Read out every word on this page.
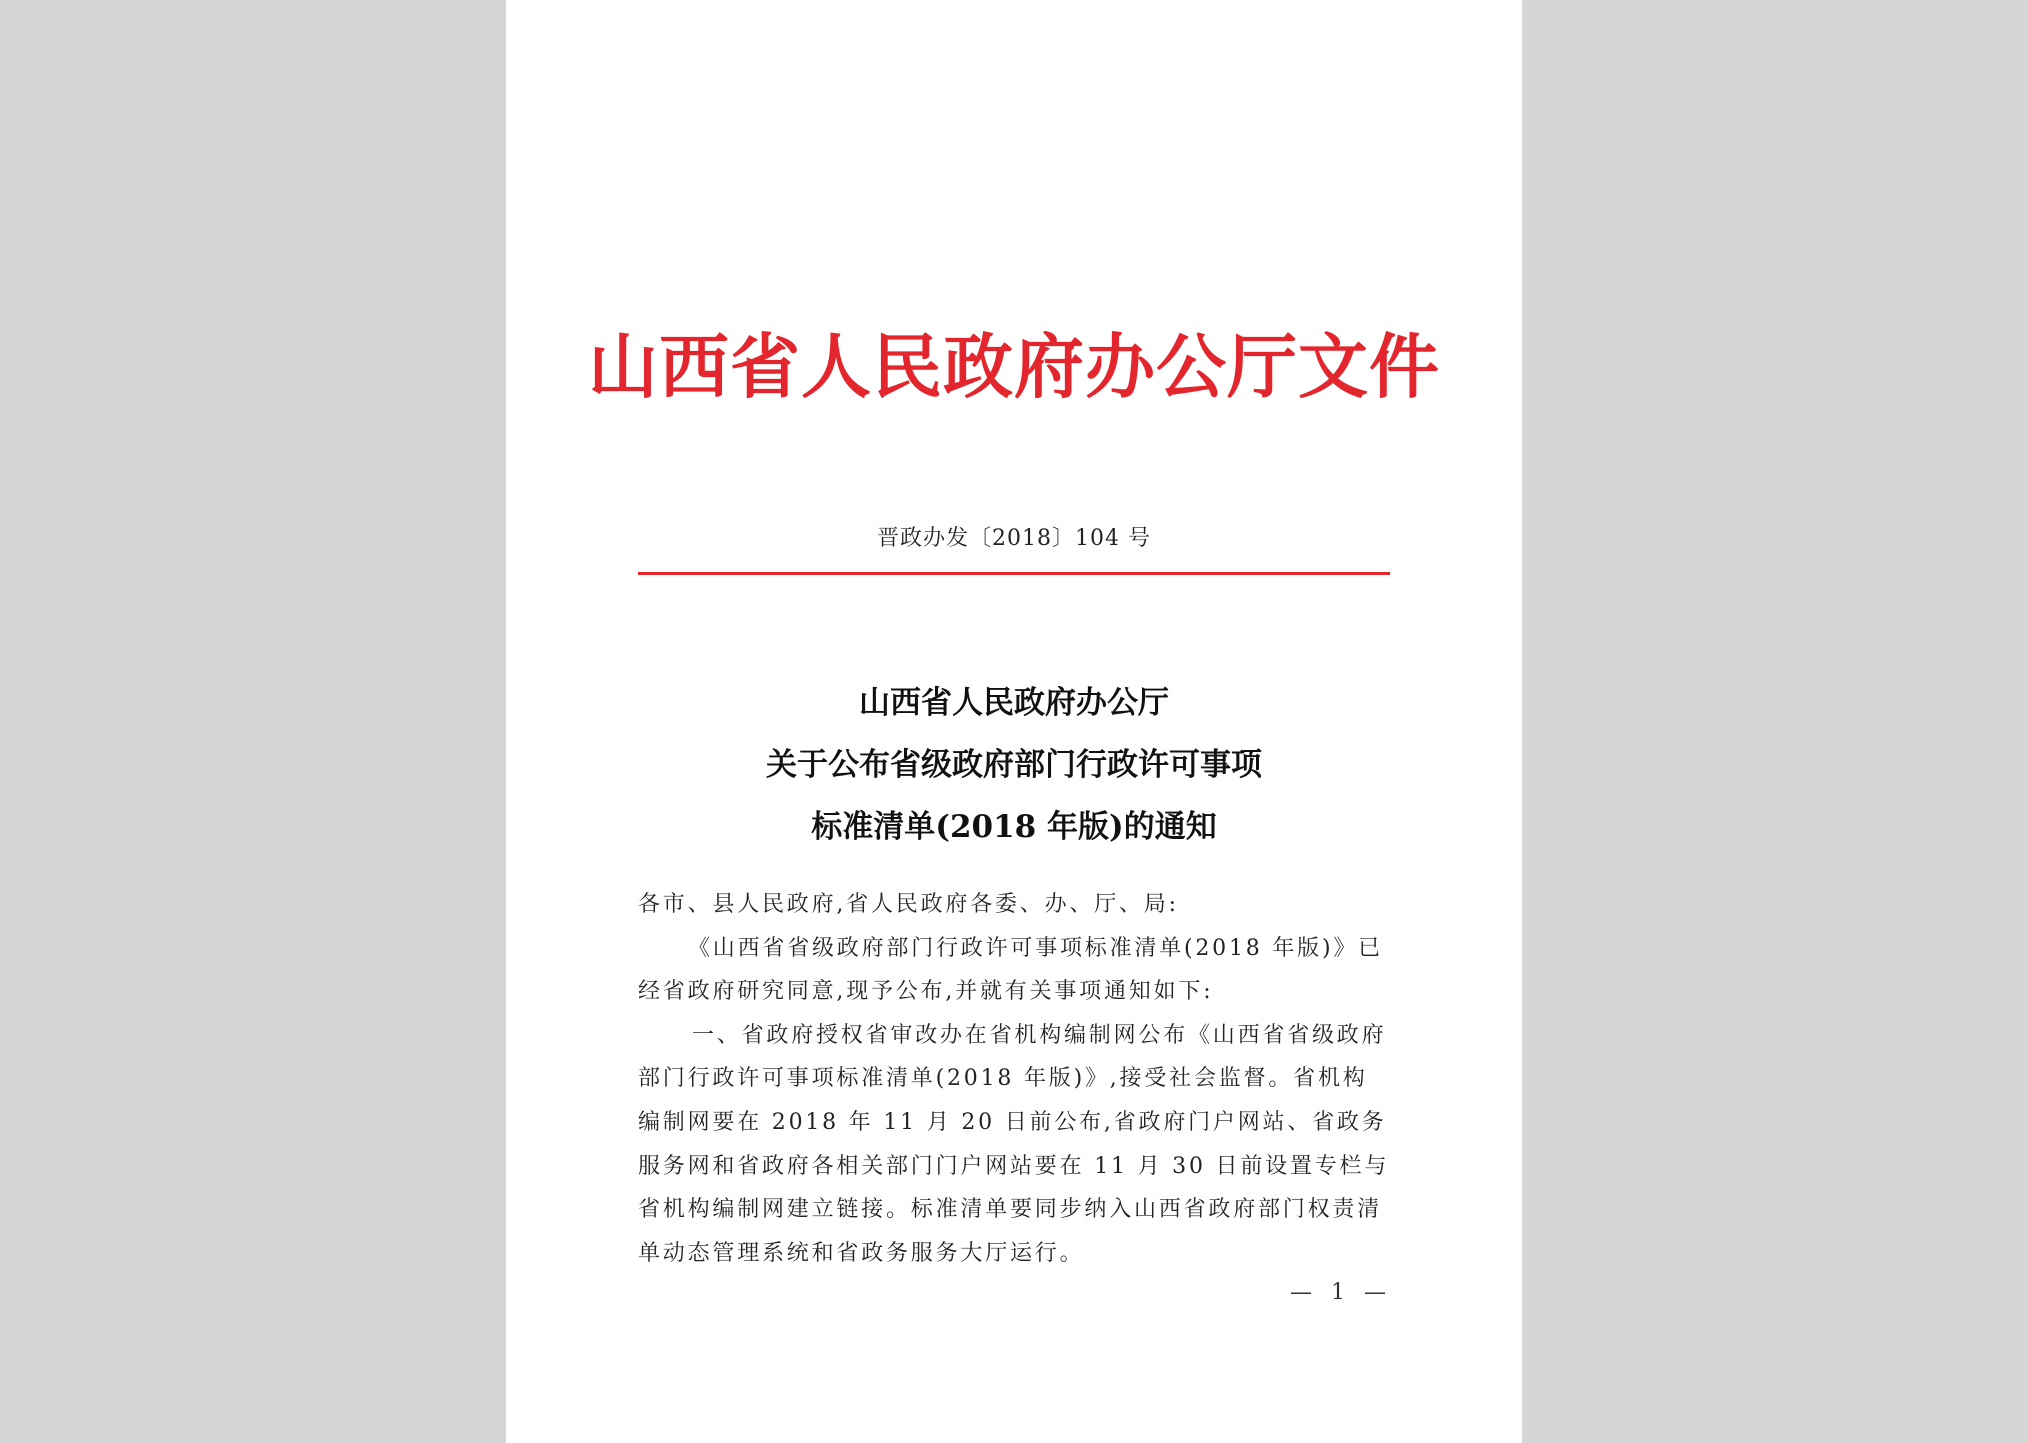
山西省人民政府办公厅文件
晋政办发〔2018〕104 号
山西省人民政府办公厅
关于公布省级政府部门行政许可事项
标准清单(2018 年版)的通知

各市、县人民政府,省人民政府各委、办、厅、局:

《山西省省级政府部门行政许可事项标准清单(2018 年版)》已经省政府研究同意,现予公布,并就有关事项通知如下:

一、省政府授权省审改办在省机构编制网公布《山西省省级政府部门行政许可事项标准清单(2018 年版)》,接受社会监督。省机构编制网要在 2018 年 11 月 20 日前公布,省政府门户网站、省政务服务网和省政府各相关部门门户网站要在 11 月 30 日前设置专栏与省机构编制网建立链接。标准清单要同步纳入山西省政府部门权责清单动态管理系统和省政务服务大厅运行。

— 1 —
